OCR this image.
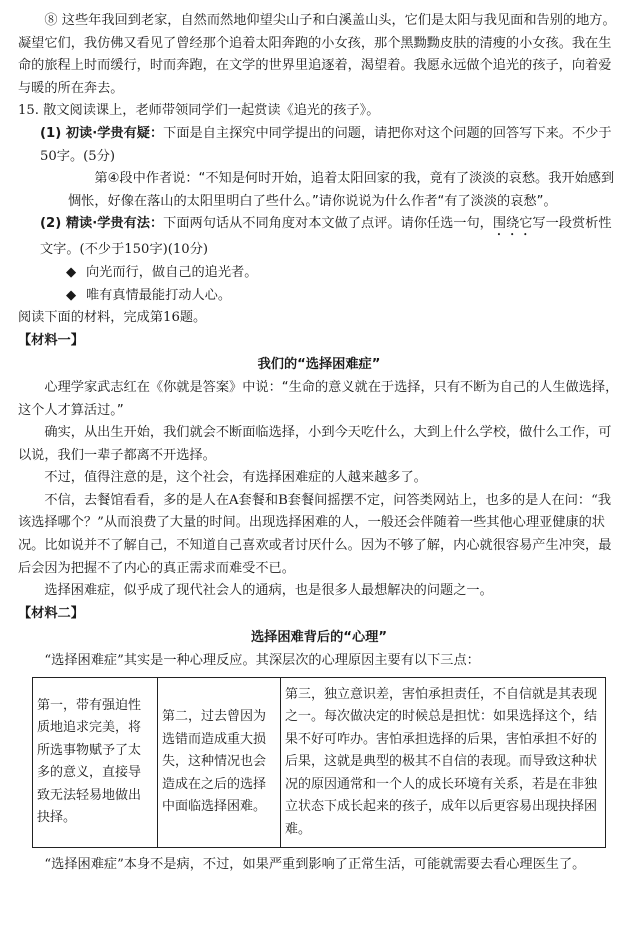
⑧ 这些年我回到老家，自然而然地仰望尖山子和白溪盖山头，它们是太阳与我见面和告别的地方。凝望它们，我仿佛又看见了曾经那个追着太阳奔跑的小女孩，那个黑黝黝皮肤的清瘦的小女孩。我在生命的旅程上时而缓行，时而奔跑，在文学的世界里追逐着，渴望着。我愿永远做个追光的孩子，向着爱与暖的所在奔去。

15. 散文阅读课上，老师带领同学们一起赏读《追光的孩子》。

(1) 初读·学贵有疑：下面是自主探究中同学提出的问题，请把你对这个问题的回答写下来。不少于50字。(5分)

第④段中作者说：“不知是何时开始，追着太阳回家的我，竟有了淡淡的哀愁。我开始感到惆怅，好像在落山的太阳里明白了些什么。”请你说说为什么作者“有了淡淡的哀愁”。

(2) 精读·学贵有法：下面两句话从不同角度对本文做了点评。请你任选一句，围绕它写一段赏析性文字。(不少于150字)(10分)

◆ 向光而行，做自己的追光者。

◆ 唯有真情最能打动人心。

阅读下面的材料，完成第16题。

【材料一】

我们的“选择困难症”

心理学家武志红在《你就是答案》中说：“生命的意义就在于选择，只有不断为自己的人生做选择，这个人才算活过。”

确实，从出生开始，我们就会不断面临选择，小到今天吃什么，大到上什么学校，做什么工作，可以说，我们一辈子都离不开选择。

不过，值得注意的是，这个社会，有选择困难症的人越来越多了。

不信，去餐馆看看，多的是人在A套餐和B套餐间摇摆不定，问答类网站上，也多的是人在问：“我该选择哪个？”从而浪费了大量的时间。出现选择困难的人，一般还会伴随着一些其他心理亚健康的状况。比如说并不了解自己，不知道自己喜欢或者讨厌什么。因为不够了解，内心就很容易产生冲突，最后会因为把握不了内心的真正需求而难受不已。

选择困难症，似乎成了现代社会人的通病，也是很多人最想解决的问题之一。

【材料二】

选择困难背后的“心理”

“选择困难症”其实是一种心理反应。其深层次的心理原因主要有以下三点：

第一，带有强迫性质地追求完美，将所选事物赋予了太多的意义，直接导致无法轻易地做出抉择。	第二，过去曾因为选错而造成重大损失，这种情况也会造成在之后的选择中面临选择困难。	第三，独立意识差，害怕承担责任，不自信就是其表现之一。每次做决定的时候总是担忧：如果选择这个，结果不好可咋办。害怕承担选择的后果，害怕承担不好的后果，这就是典型的极其不自信的表现。而导致这种状况的原因通常和一个人的成长环境有关系，若是在非独立状态下成长起来的孩子，成年以后更容易出现抉择困难。

“选择困难症”本身不是病，不过，如果严重到影响了正常生活，可能就需要去看心理医生了。
